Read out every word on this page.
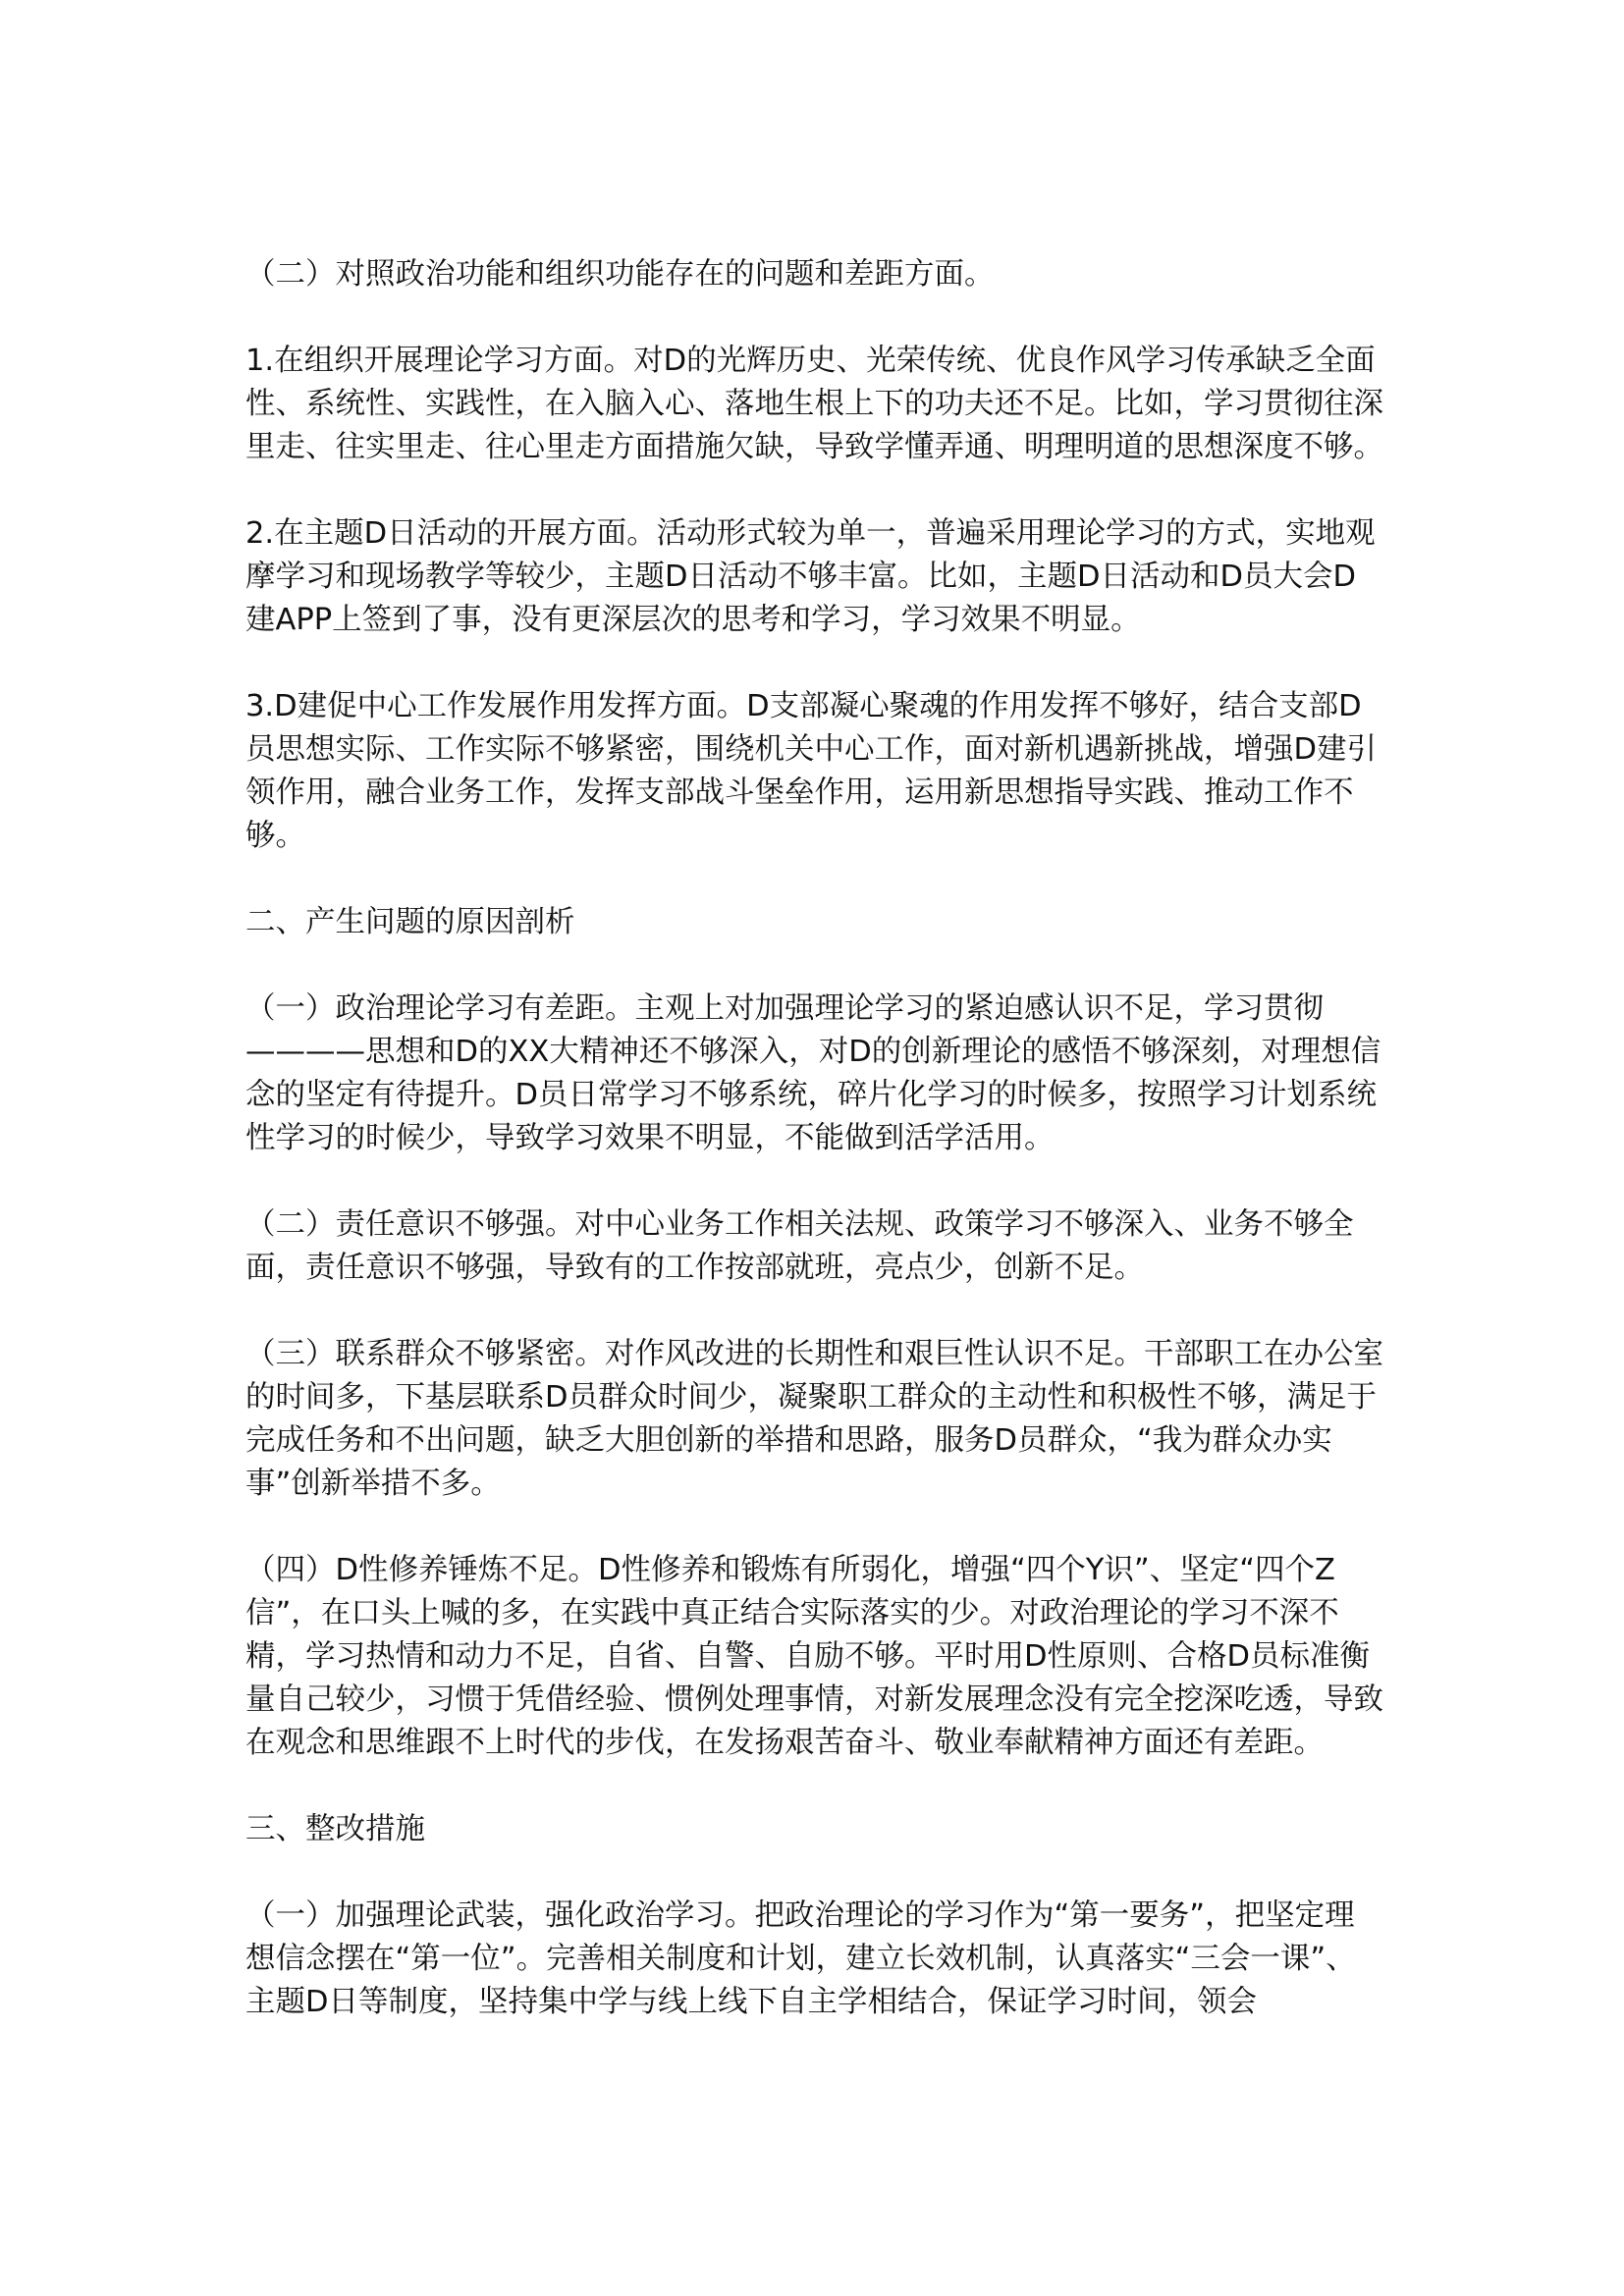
（二）对照政治功能和组织功能存在的问题和差距方面。

1.在组织开展理论学习方面。对D的光辉历史、光荣传统、优良作风学习传承缺乏全面性、系统性、实践性，在入脑入心、落地生根上下的功夫还不足。比如，学习贯彻往深里走、往实里走、往心里走方面措施欠缺，导致学懂弄通、明理明道的思想深度不够。

2.在主题D日活动的开展方面。活动形式较为单一，普遍采用理论学习的方式，实地观摩学习和现场教学等较少，主题D日活动不够丰富。比如，主题D日活动和D员大会D建APP上签到了事，没有更深层次的思考和学习，学习效果不明显。

3.D建促中心工作发展作用发挥方面。D支部凝心聚魂的作用发挥不够好，结合支部D员思想实际、工作实际不够紧密，围绕机关中心工作，面对新机遇新挑战，增强D建引领作用，融合业务工作，发挥支部战斗堡垒作用，运用新思想指导实践、推动工作不够。

二、产生问题的原因剖析

（一）政治理论学习有差距。主观上对加强理论学习的紧迫感认识不足，学习贯彻————思想和D的XX大精神还不够深入，对D的创新理论的感悟不够深刻，对理想信念的坚定有待提升。D员日常学习不够系统，碎片化学习的时候多，按照学习计划系统性学习的时候少，导致学习效果不明显，不能做到活学活用。

（二）责任意识不够强。对中心业务工作相关法规、政策学习不够深入、业务不够全面，责任意识不够强，导致有的工作按部就班，亮点少，创新不足。

（三）联系群众不够紧密。对作风改进的长期性和艰巨性认识不足。干部职工在办公室的时间多，下基层联系D员群众时间少，凝聚职工群众的主动性和积极性不够，满足于完成任务和不出问题，缺乏大胆创新的举措和思路，服务D员群众，“我为群众办实事”创新举措不多。

（四）D性修养锤炼不足。D性修养和锻炼有所弱化，增强“四个Y识”、坚定“四个Z信”，在口头上喊的多，在实践中真正结合实际落实的少。对政治理论的学习不深不精，学习热情和动力不足，自省、自警、自励不够。平时用D性原则、合格D员标准衡量自己较少，习惯于凭借经验、惯例处理事情，对新发展理念没有完全挖深吃透，导致在观念和思维跟不上时代的步伐，在发扬艰苦奋斗、敬业奉献精神方面还有差距。

三、整改措施

（一）加强理论武装，强化政治学习。把政治理论的学习作为“第一要务”，把坚定理想信念摆在“第一位”。完善相关制度和计划，建立长效机制，认真落实“三会一课”、主题D日等制度，坚持集中学与线上线下自主学相结合，保证学习时间，领会
